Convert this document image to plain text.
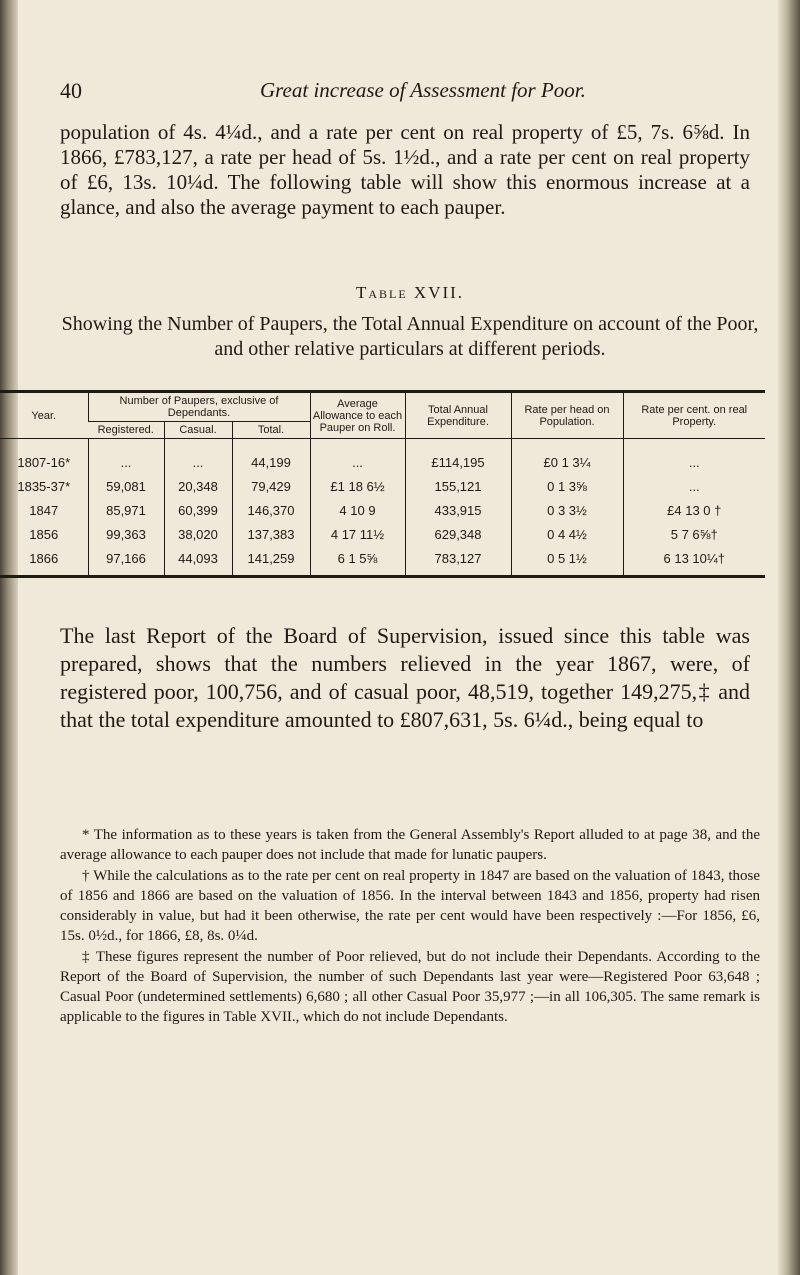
40	Great increase of Assessment for Poor.

population of 4s. 4¼d., and a rate per cent on real property of £5, 7s. 6⅝d. In 1866, £783,127, a rate per head of 5s. 1½d., and a rate per cent on real property of £6, 13s. 10¼d. The following table will show this enormous increase at a glance, and also the average payment to each pauper.

Table XVII.

Showing the Number of Paupers, the Total Annual Expenditure on account of the Poor, and other relative particulars at different periods.

Year.	Number of Paupers, exclusive of Dependants.			Average Allowance to each Pauper on Roll.	Total Annual Expenditure.	Rate per head on Population.	Rate per cent. on real Property.
	Registered.	Casual.	Total.				
1807-16*	...	...	44,199	...	£114,195	£0 1 3¼	...
1835-37*	59,081	20,348	79,429	£1 18 6½	155,121	0 1 3⅝	...
1847	85,971	60,399	146,370	4 10 9	433,915	0 3 3½	£4 13 0 †
1856	99,363	38,020	137,383	4 17 11½	629,348	0 4 4½	5 7 6⅝†
1866	97,166	44,093	141,259	6 1 5⅝	783,127	0 5 1½	6 13 10¼†

The last Report of the Board of Supervision, issued since this table was prepared, shows that the numbers relieved in the year 1867, were, of registered poor, 100,756, and of casual poor, 48,519, together 149,275,‡ and that the total expenditure amounted to £807,631, 5s. 6¼d., being equal to

* The information as to these years is taken from the General Assembly's Report alluded to at page 38, and the average allowance to each pauper does not include that made for lunatic paupers.

† While the calculations as to the rate per cent on real property in 1847 are based on the valuation of 1843, those of 1856 and 1866 are based on the valuation of 1856. In the interval between 1843 and 1856, property had risen considerably in value, but had it been otherwise, the rate per cent would have been respectively :—For 1856, £6, 15s. 0½d., for 1866, £8, 8s. 0¼d.

‡ These figures represent the number of Poor relieved, but do not include their Dependants. According to the Report of the Board of Supervision, the number of such Dependants last year were—Registered Poor 63,648 ; Casual Poor (undetermined settlements) 6,680 ; all other Casual Poor 35,977 ;—in all 106,305. The same remark is applicable to the figures in Table XVII., which do not include Dependants.
